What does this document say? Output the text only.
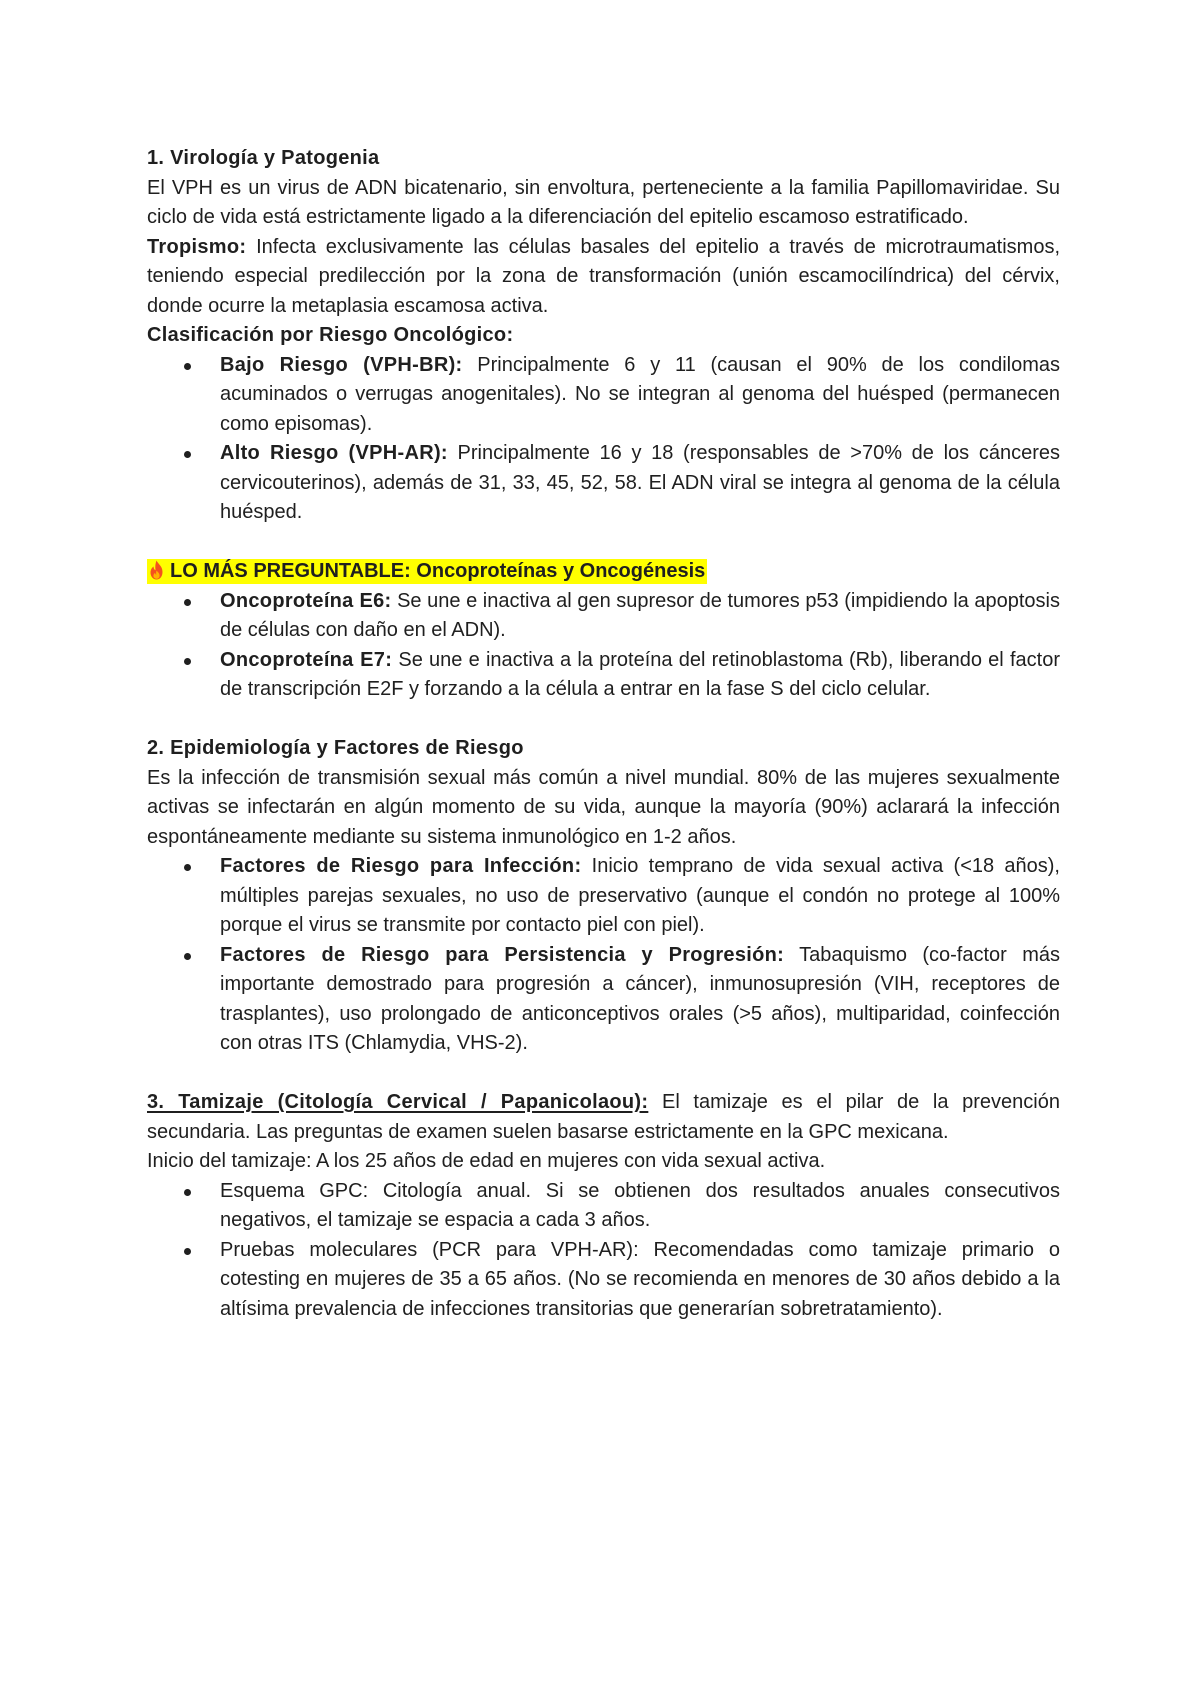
1. Virología y Patogenia

El VPH es un virus de ADN bicatenario, sin envoltura, perteneciente a la familia Papillomaviridae. Su ciclo de vida está estrictamente ligado a la diferenciación del epitelio escamoso estratificado.

Tropismo: Infecta exclusivamente las células basales del epitelio a través de microtraumatismos, teniendo especial predilección por la zona de transformación (unión escamocilíndrica) del cérvix, donde ocurre la metaplasia escamosa activa.

Clasificación por Riesgo Oncológico:

Bajo Riesgo (VPH-BR): Principalmente 6 y 11 (causan el 90% de los condilomas acuminados o verrugas anogenitales). No se integran al genoma del huésped (permanecen como episomas).
Alto Riesgo (VPH-AR): Principalmente 16 y 18 (responsables de >70% de los cánceres cervicouterinos), además de 31, 33, 45, 52, 58. El ADN viral se integra al genoma de la célula huésped.

LO MÁS PREGUNTABLE: Oncoproteínas y Oncogénesis

Oncoproteína E6: Se une e inactiva al gen supresor de tumores p53 (impidiendo la apoptosis de células con daño en el ADN).
Oncoproteína E7: Se une e inactiva a la proteína del retinoblastoma (Rb), liberando el factor de transcripción E2F y forzando a la célula a entrar en la fase S del ciclo celular.

2. Epidemiología y Factores de Riesgo

Es la infección de transmisión sexual más común a nivel mundial. 80% de las mujeres sexualmente activas se infectarán en algún momento de su vida, aunque la mayoría (90%) aclarará la infección espontáneamente mediante su sistema inmunológico en 1-2 años.

Factores de Riesgo para Infección: Inicio temprano de vida sexual activa (<18 años), múltiples parejas sexuales, no uso de preservativo (aunque el condón no protege al 100% porque el virus se transmite por contacto piel con piel).
Factores de Riesgo para Persistencia y Progresión: Tabaquismo (co-factor más importante demostrado para progresión a cáncer), inmunosupresión (VIH, receptores de trasplantes), uso prolongado de anticonceptivos orales (>5 años), multiparidad, coinfección con otras ITS (Chlamydia, VHS-2).

3. Tamizaje (Citología Cervical / Papanicolaou): El tamizaje es el pilar de la prevención secundaria. Las preguntas de examen suelen basarse estrictamente en la GPC mexicana.

Inicio del tamizaje: A los 25 años de edad en mujeres con vida sexual activa.

Esquema GPC: Citología anual. Si se obtienen dos resultados anuales consecutivos negativos, el tamizaje se espacia a cada 3 años.
Pruebas moleculares (PCR para VPH-AR): Recomendadas como tamizaje primario o cotesting en mujeres de 35 a 65 años. (No se recomienda en menores de 30 años debido a la altísima prevalencia de infecciones transitorias que generarían sobretratamiento).
